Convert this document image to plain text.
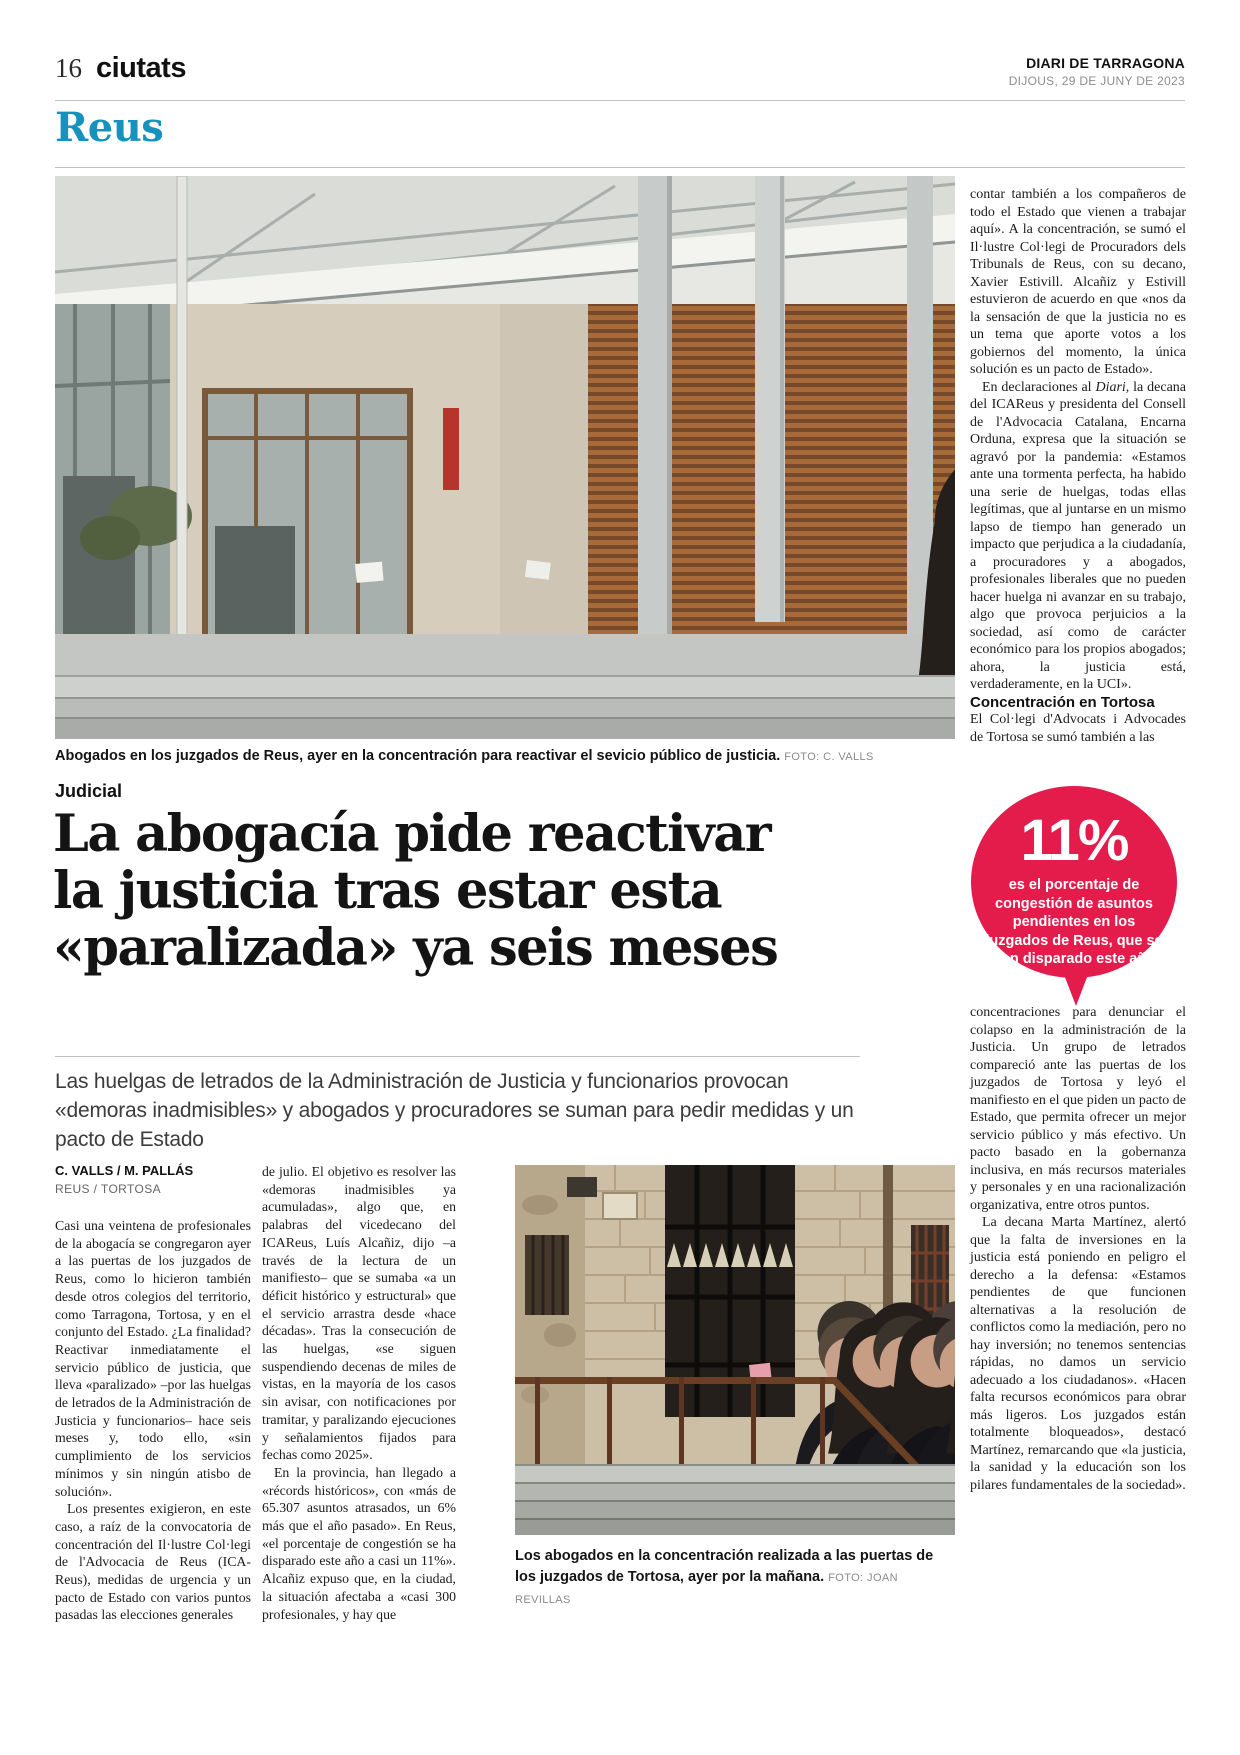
16 ciutats	DIARI DE TARRAGONA
DIJOUS, 29 DE JUNY DE 2023
Reus
Abogados en los juzgados de Reus, ayer en la concentración para reactivar el sevicio público de justicia. FOTO: C. VALLS
Judicial
La abogacía pide reactivar
la justicia tras estar esta
«paralizada» ya seis meses
Las huelgas de letrados de la Administración de Justicia y funcionarios provocan «demoras inadmisibles» y abogados y procuradores se suman para pedir medidas y un pacto de Estado
C. VALLS / M. PALLÁS
REUS / TORTOSA

Casi una veintena de profesionales de la abogacía se congregaron ayer a las puertas de los juzgados de Reus, como lo hicieron también desde otros colegios del territorio, como Tarragona, Tortosa, y en el conjunto del Estado. ¿La finalidad? Reactivar inmediatamente el servicio público de justicia, que lleva «paralizado» –por las huelgas de letrados de la Administración de Justicia y funcionarios– hace seis meses y, todo ello, «sin cumplimiento de los servicios mínimos y sin ningún atisbo de solución».

Los presentes exigieron, en este caso, a raíz de la convocatoria de concentración del Il·lustre Col·legi de l'Advocacia de Reus (ICA-Reus), medidas de urgencia y un pacto de Estado con varios puntos pasadas las elecciones generales

de julio. El objetivo es resolver las «demoras inadmisibles ya acumuladas», algo que, en palabras del vicedecano del ICAReus, Luís Alcañiz, dijo –a través de la lectura de un manifiesto– que se sumaba «a un déficit histórico y estructural» que el servicio arrastra desde «hace décadas». Tras la consecución de las huelgas, «se siguen suspendiendo decenas de miles de vistas, en la mayoría de los casos sin avisar, con notificaciones por tramitar, y paralizando ejecuciones y señalamientos fijados para fechas como 2025».

En la provincia, han llegado a «récords históricos», con «más de 65.307 asuntos atrasados, un 6% más que el año pasado». En Reus, «el porcentaje de congestión se ha disparado este año a casi un 11%». Alcañiz expuso que, en la ciudad, la situación afectaba a «casi 300 profesionales, y hay que

Los abogados en la concentración realizada a las puertas de los juzgados de Tortosa, ayer por la mañana. FOTO: JOAN REVILLAS

contar también a los compañeros de todo el Estado que vienen a trabajar aquí». A la concentración, se sumó el Il·lustre Col·legi de Procuradors dels Tribunals de Reus, con su decano, Xavier Estivill. Alcañiz y Estivill estuvieron de acuerdo en que «nos da la sensación de que la justicia no es un tema que aporte votos a los gobiernos del momento, la única solución es un pacto de Estado».

En declaraciones al Diari, la decana del ICAReus y presidenta del Consell de l'Advocacia Catalana, Encarna Orduna, expresa que la situación se agravó por la pandemia: «Estamos ante una tormenta perfecta, ha habido una serie de huelgas, todas ellas legítimas, que al juntarse en un mismo lapso de tiempo han generado un impacto que perjudica a la ciudadanía, a procuradores y a abogados, profesionales liberales que no pueden hacer huelga ni avanzar en su trabajo, algo que provoca perjuicios a la sociedad, así como de carácter económico para los propios abogados; ahora, la justicia está, verdaderamente, en la UCI».

Concentración en Tortosa

El Col·legi d'Advocats i Advocades de Tortosa se sumó también a las

11%
es el porcentaje de congestión de asuntos pendientes en los juzgados de Reus, que se han disparado este año

concentraciones para denunciar el colapso en la administración de la Justicia. Un grupo de letrados compareció ante las puertas de los juzgados de Tortosa y leyó el manifiesto en el que piden un pacto de Estado, que permita ofrecer un mejor servicio público y más efectivo. Un pacto basado en la gobernanza inclusiva, en más recursos materiales y personales y en una racionalización organizativa, entre otros puntos.

La decana Marta Martínez, alertó que la falta de inversiones en la justicia está poniendo en peligro el derecho a la defensa: «Estamos pendientes de que funcionen alternativas a la resolución de conflictos como la mediación, pero no hay inversión; no tenemos sentencias rápidas, no damos un servicio adecuado a los ciudadanos». «Hacen falta recursos económicos para obrar más ligeros. Los juzgados están totalmente bloqueados», destacó Martínez, remarcando que «la justicia, la sanidad y la educación son los pilares fundamentales de la sociedad».
